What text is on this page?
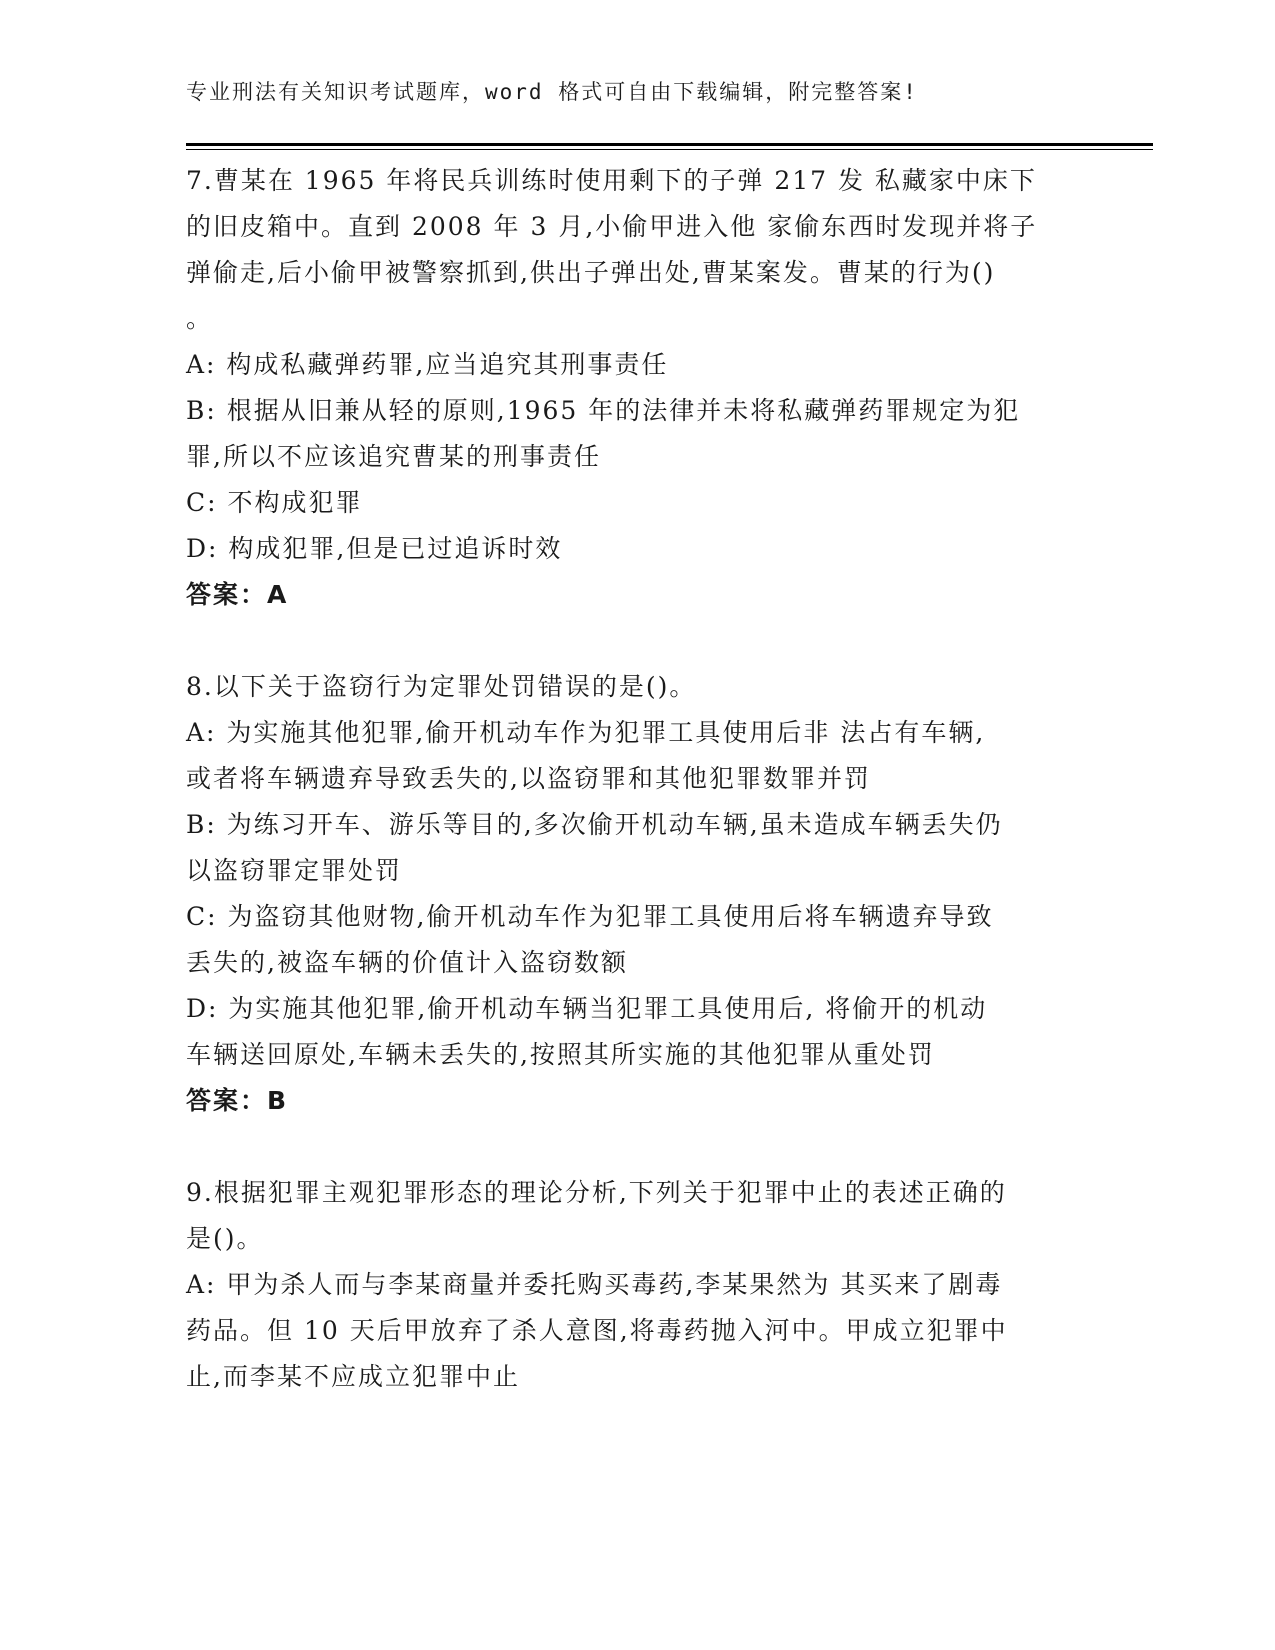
专业刑法有关知识考试题库，word 格式可自由下载编辑，附完整答案!
7.曹某在 1965 年将民兵训练时使用剩下的子弹 217 发 私藏家中床下
的旧皮箱中。直到 2008 年 3 月,小偷甲进入他 家偷东西时发现并将子
弹偷走,后小偷甲被警察抓到,供出子弹出处,曹某案发。曹某的行为()
。
A: 构成私藏弹药罪,应当追究其刑事责任
B: 根据从旧兼从轻的原则,1965 年的法律并未将私藏弹药罪规定为犯
罪,所以不应该追究曹某的刑事责任
C: 不构成犯罪
D: 构成犯罪,但是已过追诉时效
答案：A
8.以下关于盗窃行为定罪处罚错误的是()。
A: 为实施其他犯罪,偷开机动车作为犯罪工具使用后非 法占有车辆,
或者将车辆遗弃导致丢失的,以盗窃罪和其他犯罪数罪并罚
B: 为练习开车、游乐等目的,多次偷开机动车辆,虽未造成车辆丢失仍
以盗窃罪定罪处罚
C: 为盗窃其他财物,偷开机动车作为犯罪工具使用后将车辆遗弃导致
丢失的,被盗车辆的价值计入盗窃数额
D: 为实施其他犯罪,偷开机动车辆当犯罪工具使用后, 将偷开的机动
车辆送回原处,车辆未丢失的,按照其所实施的其他犯罪从重处罚
答案：B
9.根据犯罪主观犯罪形态的理论分析,下列关于犯罪中止的表述正确的
是()。
A: 甲为杀人而与李某商量并委托购买毒药,李某果然为 其买来了剧毒
药品。但 10 天后甲放弃了杀人意图,将毒药抛入河中。甲成立犯罪中
止,而李某不应成立犯罪中止
